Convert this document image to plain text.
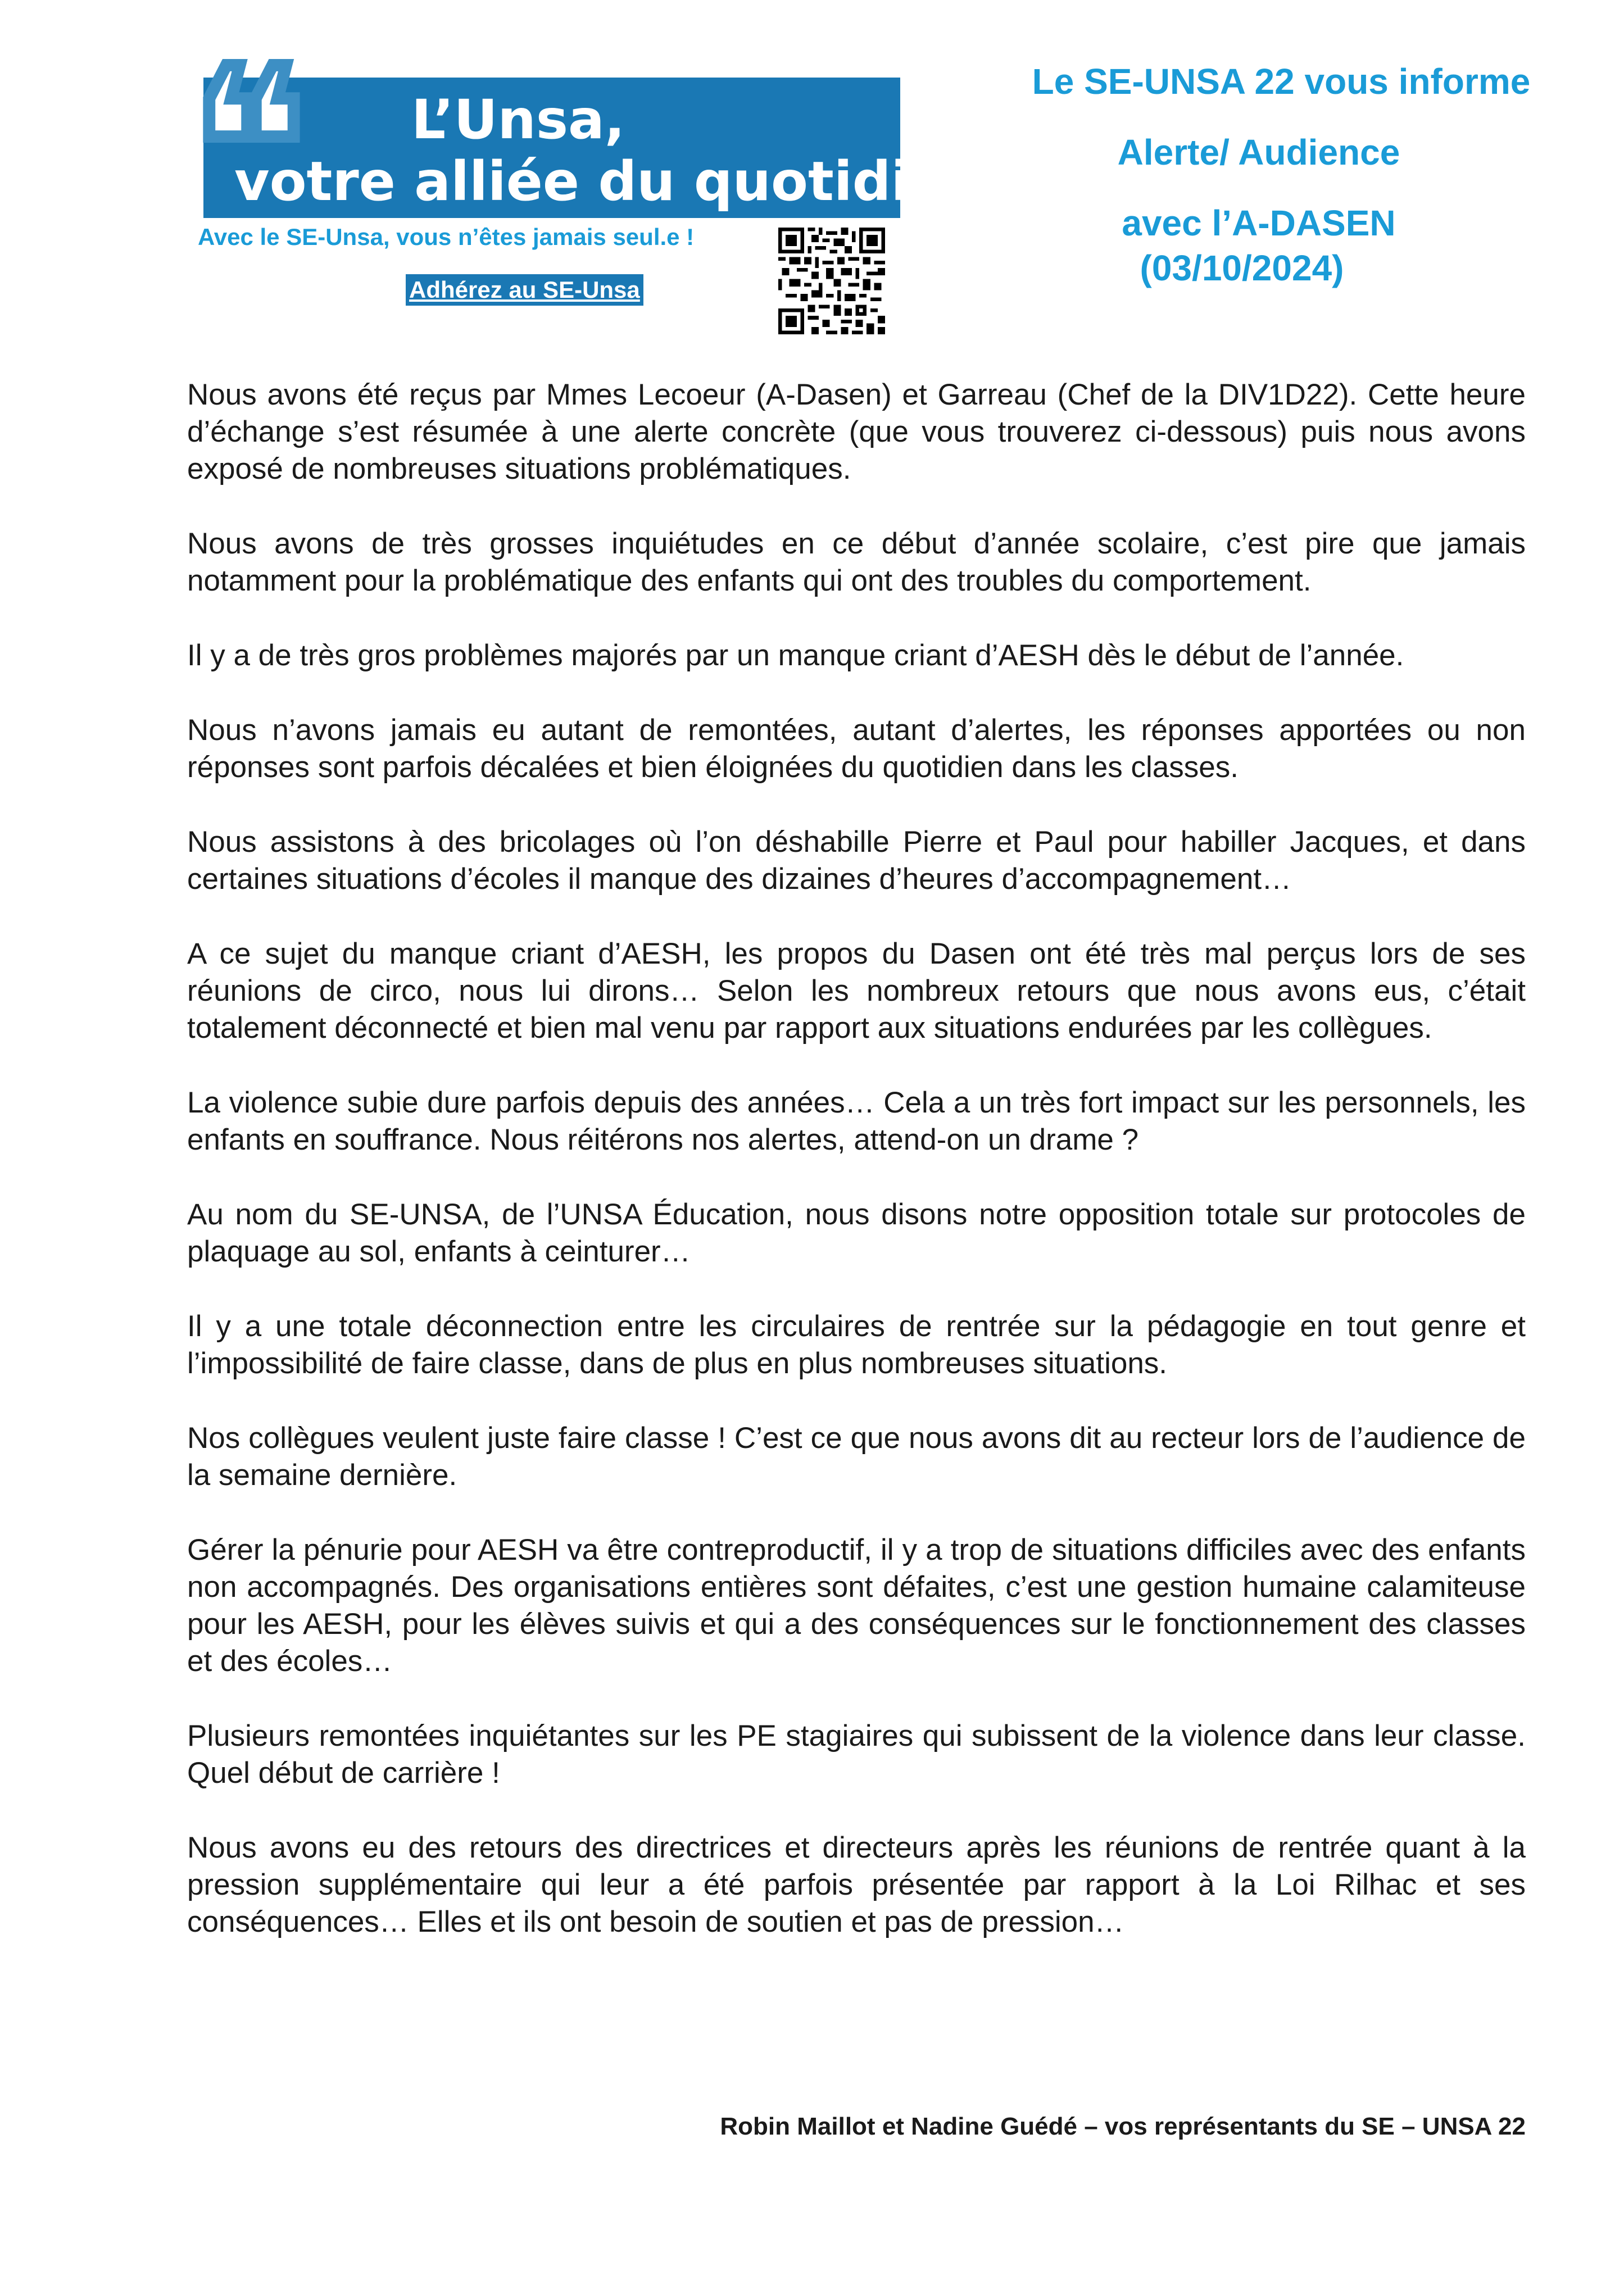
❛❛	L’Unsa,
votre alliée du quotidien
Avec le SE-Unsa, vous n’êtes jamais seul.e !
Adhérez au SE-Unsa
Le SE-UNSA 22 vous informe
Alerte/ Audience
avec l’A-DASEN
(03/10/2024)

Nous avons été reçus par Mmes Lecoeur (A-Dasen) et Garreau (Chef de la DIV1D22). Cette heure d’échange s’est résumée à une alerte concrète (que vous trouverez ci-dessous) puis nous avons exposé de nombreuses situations problématiques.

Nous avons de très grosses inquiétudes en ce début d’année scolaire, c’est pire que jamais notamment pour la problématique des enfants qui ont des troubles du comportement.

Il y a de très gros problèmes majorés par un manque criant d’AESH dès le début de l’année.

Nous n’avons jamais eu autant de remontées, autant d’alertes, les réponses apportées ou non réponses sont parfois décalées et bien éloignées du quotidien dans les classes.

Nous assistons à des bricolages où l’on déshabille Pierre et Paul pour habiller Jacques, et dans certaines situations d’écoles il manque des dizaines d’heures d’accompagnement…

A ce sujet du manque criant d’AESH, les propos du Dasen ont été très mal perçus lors de ses réunions de circo, nous lui dirons… Selon les nombreux retours que nous avons eus, c’était totalement déconnecté et bien mal venu par rapport aux situations endurées par les collègues.

La violence subie dure parfois depuis des années… Cela a un très fort impact sur les personnels, les enfants en souffrance. Nous réitérons nos alertes, attend-on un drame ?

Au nom du SE-UNSA, de l’UNSA Éducation, nous disons notre opposition totale sur protocoles de plaquage au sol, enfants à ceinturer…

Il y a une totale déconnection entre les circulaires de rentrée sur la pédagogie en tout genre et l’impossibilité de faire classe, dans de plus en plus nombreuses situations.

Nos collègues veulent juste faire classe ! C’est ce que nous avons dit au recteur lors de l’audience de la semaine dernière.

Gérer la pénurie pour AESH va être contreproductif, il y a trop de situations difficiles avec des enfants non accompagnés. Des organisations entières sont défaites, c’est une gestion humaine calamiteuse pour les AESH, pour les élèves suivis et qui a des conséquences sur le fonctionnement des classes et des écoles…

Plusieurs remontées inquiétantes sur les PE stagiaires qui subissent de la violence dans leur classe. Quel début de carrière !

Nous avons eu des retours des directrices et directeurs après les réunions de rentrée quant à la pression supplémentaire qui leur a été parfois présentée par rapport à la Loi Rilhac et ses conséquences… Elles et ils ont besoin de soutien et pas de pression…

Robin Maillot et Nadine Guédé – vos représentants du SE – UNSA 22
